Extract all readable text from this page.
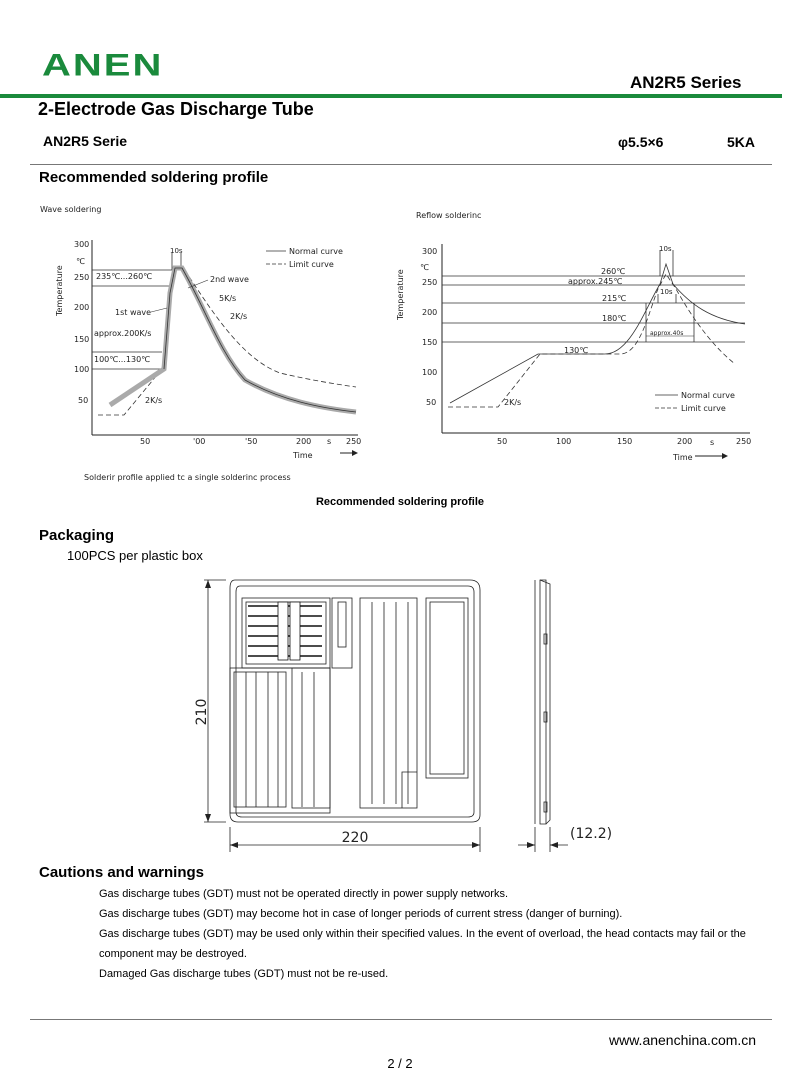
ANEN	AN2R5 Series
2-Electrode Gas Discharge Tube
AN2R5 Serie	φ5.5×6	5KA
Recommended soldering profile
Wave soldering
Temperature
℃
Time
s
300
250
200
150
100
50
50	'00	'50	200	250
10s
235℃...260℃	2nd wave
5K/s
1st wave	2K/s
approx.200K/s
100℃...130℃
2K/s
Normal curve
Limit curve
Solderir profile applied tc a single solderinc process
Reflow solderinc
Temperature
℃
Time
s
300
250
200
150
100
50
50	100	150	200	250
10s
260℃
approx.245℃
10s
215℃
180℃
approx.40s
130℃
2K/s
Normal curve
Limit curve
Recommended soldering profile
Packaging
100PCS per plastic box
210
220	(12.2)
Cautions and warnings
Gas discharge tubes (GDT) must not be operated directly in power supply networks.
Gas discharge tubes (GDT) may become hot in case of longer periods of current stress (danger of burning).
Gas discharge tubes (GDT) may be used only within their specified values. In the event of overload, the head contacts may fail or the component may be destroyed.
Damaged Gas discharge tubes (GDT) must not be re-used.
www.anenchina.com.cn
2 / 2
